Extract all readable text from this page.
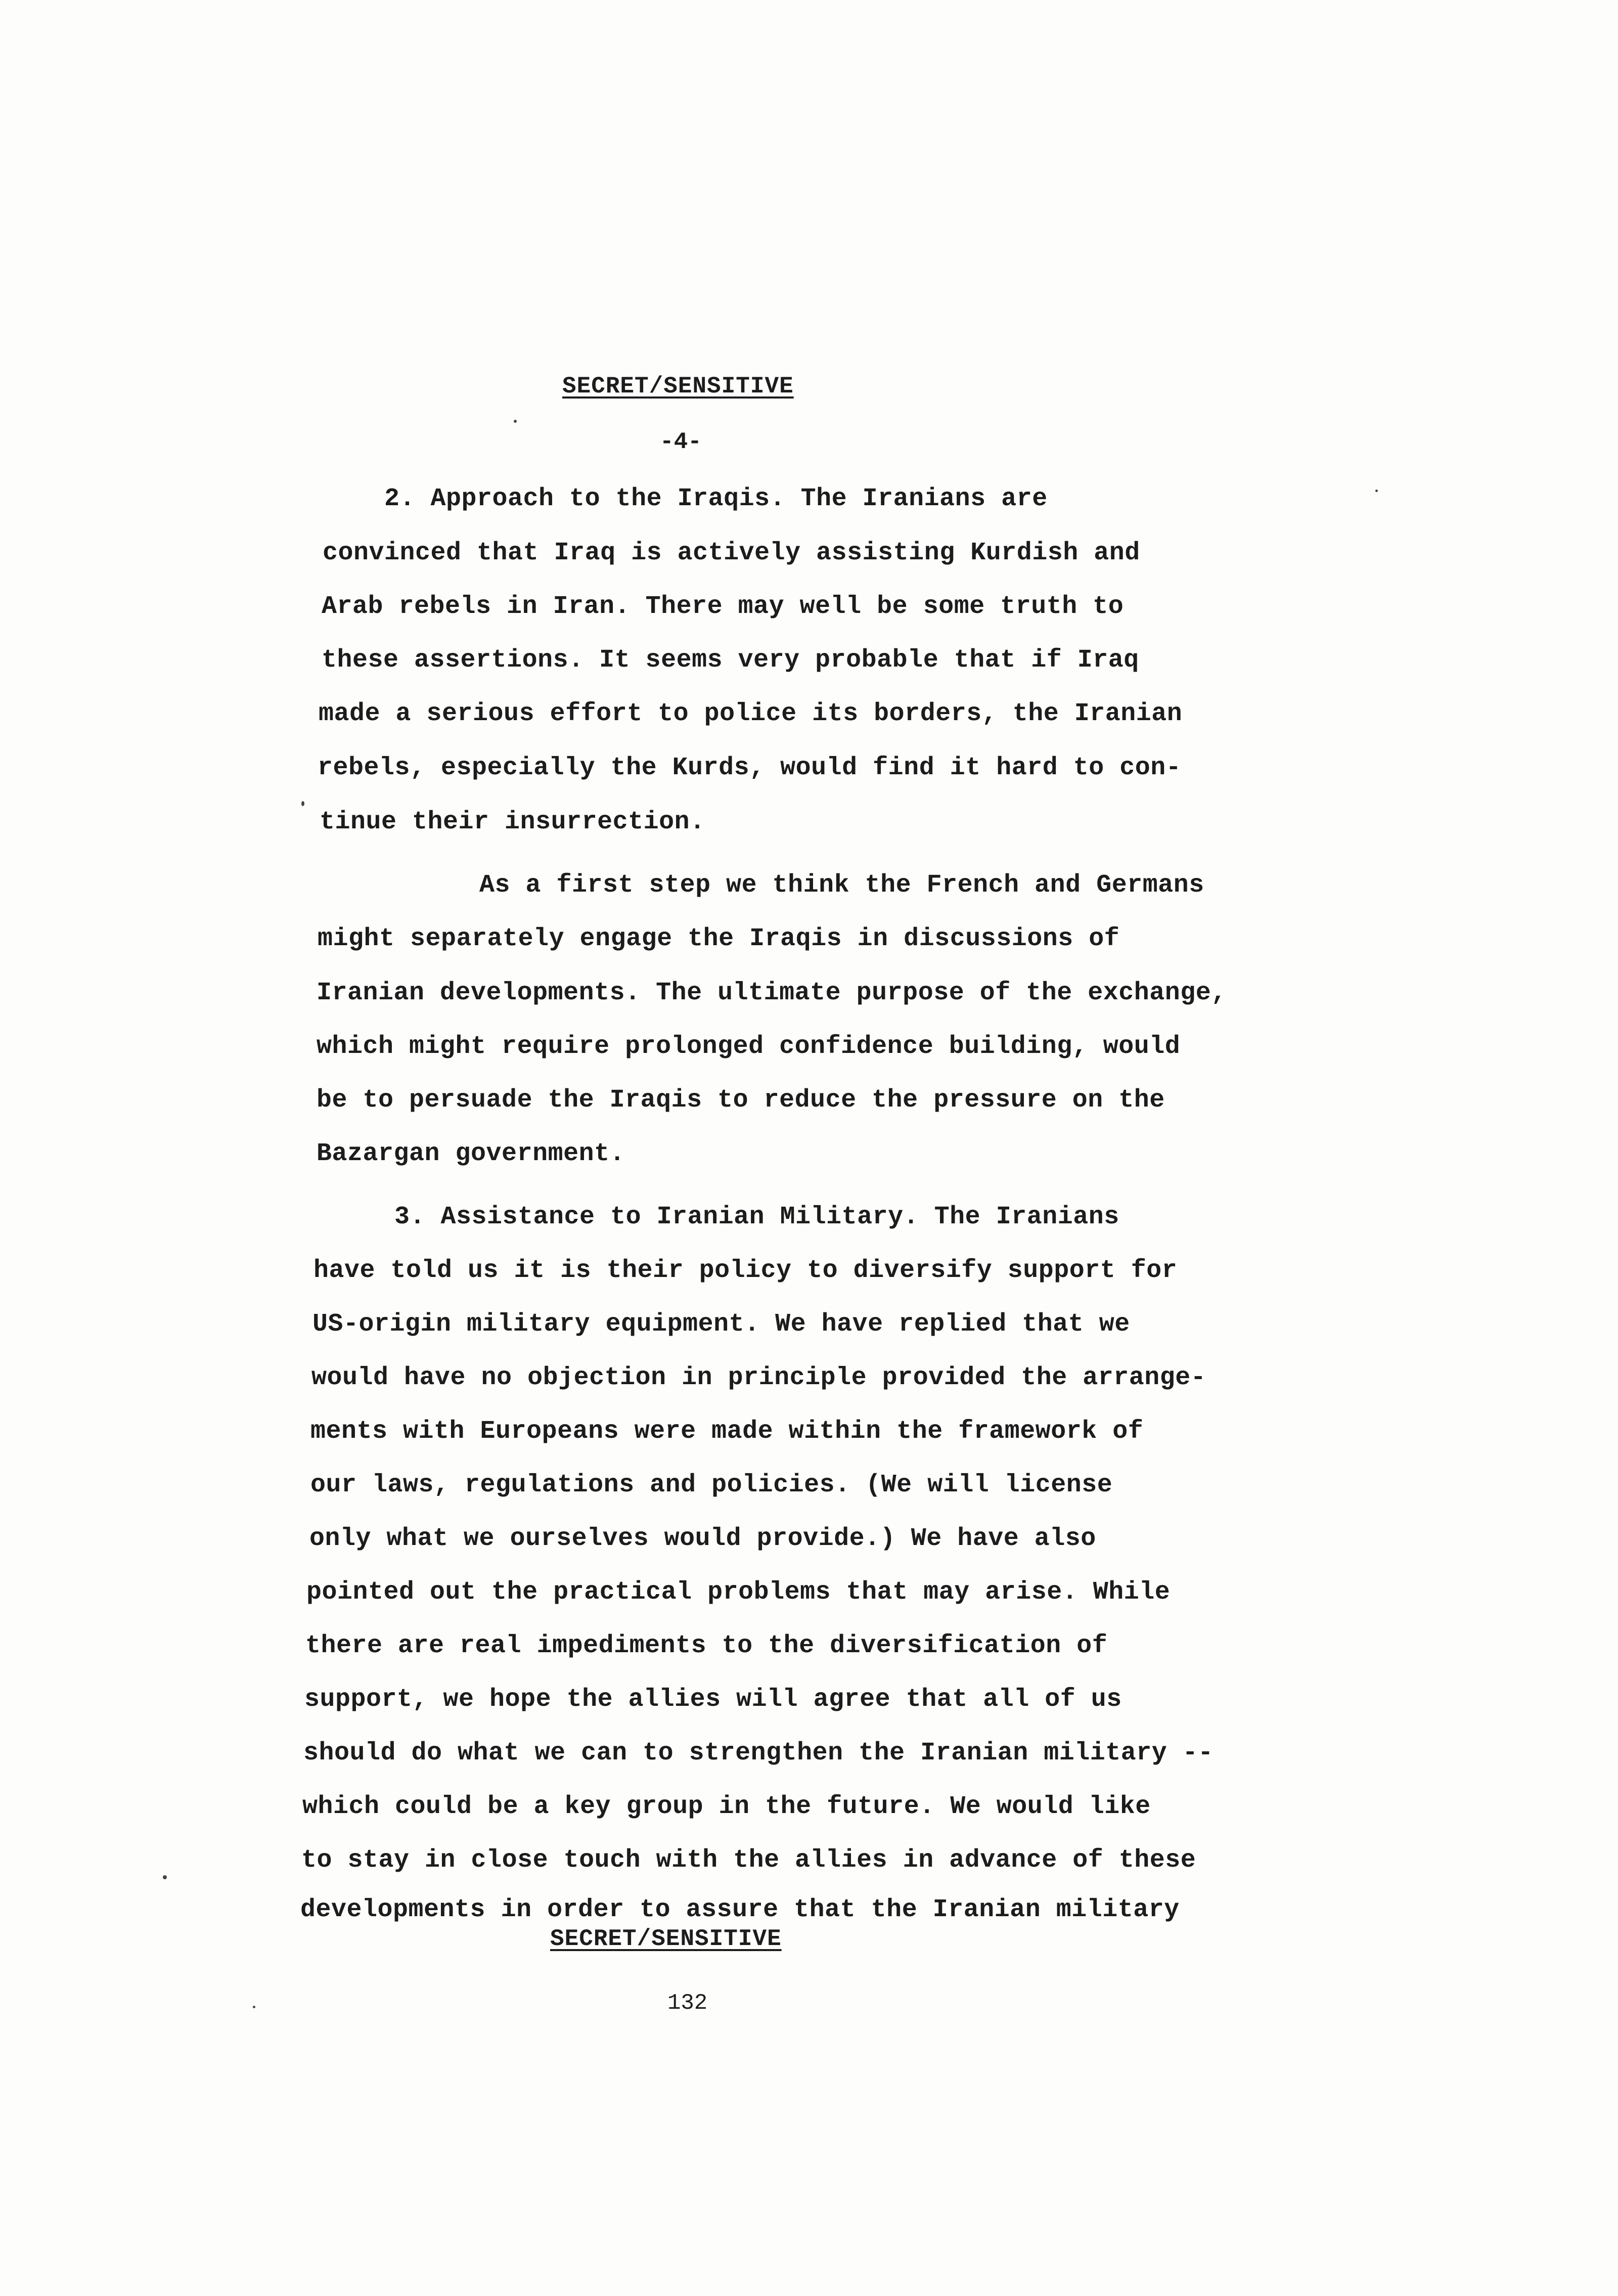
SECRET/SENSITIVE
-4-
2. Approach to the Iraqis. The Iranians are
convinced that Iraq is actively assisting Kurdish and
Arab rebels in Iran. There may well be some truth to
these assertions. It seems very probable that if Iraq
made a serious effort to police its borders, the Iranian
rebels, especially the Kurds, would find it hard to con-
tinue their insurrection.
As a first step we think the French and Germans
might separately engage the Iraqis in discussions of
Iranian developments. The ultimate purpose of the exchange,
which might require prolonged confidence building, would
be to persuade the Iraqis to reduce the pressure on the
Bazargan government.
3. Assistance to Iranian Military. The Iranians
have told us it is their policy to diversify support for
US-origin military equipment. We have replied that we
would have no objection in principle provided the arrange-
ments with Europeans were made within the framework of
our laws, regulations and policies. (We will license
only what we ourselves would provide.) We have also
pointed out the practical problems that may arise. While
there are real impediments to the diversification of
support, we hope the allies will agree that all of us
should do what we can to strengthen the Iranian military --
which could be a key group in the future. We would like
to stay in close touch with the allies in advance of these
developments in order to assure that the Iranian military
SECRET/SENSITIVE
132
